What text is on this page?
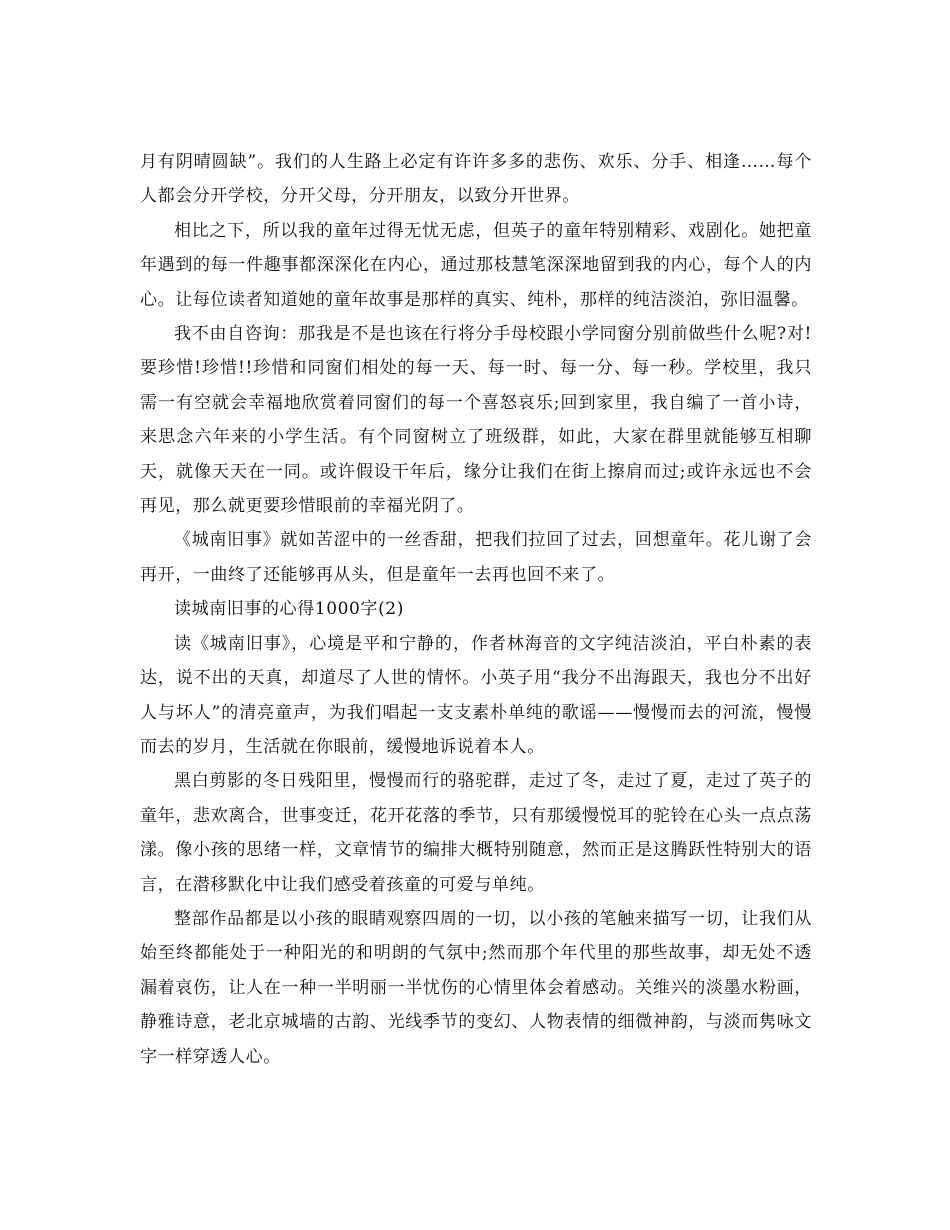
月有阴晴圆缺”。我们的人生路上必定有许许多多的悲伤、欢乐、分手、相逢……每个人都会分开学校，分开父母，分开朋友，以致分开世界。

相比之下，所以我的童年过得无忧无虑，但英子的童年特别精彩、戏剧化。她把童年遇到的每一件趣事都深深化在内心，通过那枝慧笔深深地留到我的内心，每个人的内心。让每位读者知道她的童年故事是那样的真实、纯朴，那样的纯洁淡泊，弥旧温馨。

我不由自咨询：那我是不是也该在行将分手母校跟小学同窗分别前做些什么呢?对!要珍惜!珍惜!!珍惜和同窗们相处的每一天、每一时、每一分、每一秒。学校里，我只需一有空就会幸福地欣赏着同窗们的每一个喜怒哀乐;回到家里，我自编了一首小诗，来思念六年来的小学生活。有个同窗树立了班级群，如此，大家在群里就能够互相聊天，就像天天在一同。或许假设干年后，缘分让我们在街上擦肩而过;或许永远也不会再见，那么就更要珍惜眼前的幸福光阴了。

《城南旧事》就如苦涩中的一丝香甜，把我们拉回了过去，回想童年。花儿谢了会再开，一曲终了还能够再从头，但是童年一去再也回不来了。

读城南旧事的心得1000字(2)

读《城南旧事》，心境是平和宁静的，作者林海音的文字纯洁淡泊，平白朴素的表达，说不出的天真，却道尽了人世的情怀。小英子用“我分不出海跟天，我也分不出好人与坏人”的清亮童声，为我们唱起一支支素朴单纯的歌谣——慢慢而去的河流，慢慢而去的岁月，生活就在你眼前，缓慢地诉说着本人。

黑白剪影的冬日残阳里，慢慢而行的骆驼群，走过了冬，走过了夏，走过了英子的童年，悲欢离合，世事变迁，花开花落的季节，只有那缓慢悦耳的驼铃在心头一点点荡漾。像小孩的思绪一样，文章情节的编排大概特别随意，然而正是这腾跃性特别大的语言，在潜移默化中让我们感受着孩童的可爱与单纯。

整部作品都是以小孩的眼睛观察四周的一切，以小孩的笔触来描写一切，让我们从始至终都能处于一种阳光的和明朗的气氛中;然而那个年代里的那些故事，却无处不透漏着哀伤，让人在一种一半明丽一半忧伤的心情里体会着感动。关维兴的淡墨水粉画，静雅诗意，老北京城墙的古韵、光线季节的变幻、人物表情的细微神韵，与淡而隽咏文字一样穿透人心。
